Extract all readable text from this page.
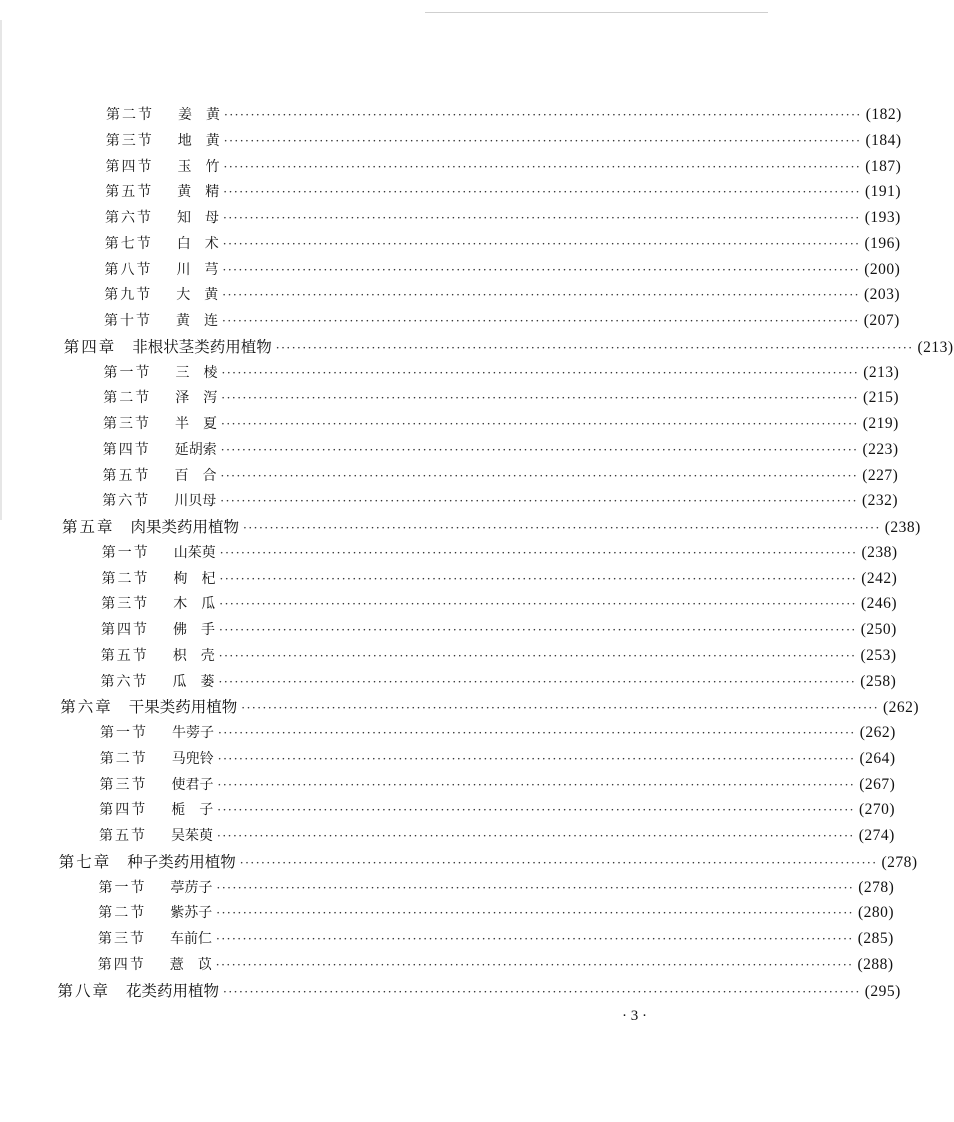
第二节 姜　黄 ························································································································ (182)
第三节 地　黄 ························································································································ (184)
第四节 玉　竹 ························································································································ (187)
第五节 黄　精 ························································································································ (191)
第六节 知　母 ························································································································ (193)
第七节 白　术 ························································································································ (196)
第八节 川　芎 ························································································································ (200)
第九节 大　黄 ························································································································ (203)
第十节 黄　连 ························································································································ (207)
第四章 非根状茎类药用植物 ························································································································ (213)
第一节 三　棱 ························································································································ (213)
第二节 泽　泻 ························································································································ (215)
第三节 半　夏 ························································································································ (219)
第四节 延胡索 ························································································································ (223)
第五节 百　合 ························································································································ (227)
第六节 川贝母 ························································································································ (232)
第五章 肉果类药用植物 ························································································································ (238)
第一节 山茱萸 ························································································································ (238)
第二节 枸　杞 ························································································································ (242)
第三节 木　瓜 ························································································································ (246)
第四节 佛　手 ························································································································ (250)
第五节 枳　壳 ························································································································ (253)
第六节 瓜　蒌 ························································································································ (258)
第六章 干果类药用植物 ························································································································ (262)
第一节 牛蒡子 ························································································································ (262)
第二节 马兜铃 ························································································································ (264)
第三节 使君子 ························································································································ (267)
第四节 栀　子 ························································································································ (270)
第五节 吴茱萸 ························································································································ (274)
第七章 种子类药用植物 ························································································································ (278)
第一节 葶苈子 ························································································································ (278)
第二节 紫苏子 ························································································································ (280)
第三节 车前仁 ························································································································ (285)
第四节 薏　苡 ························································································································ (288)
第八章 花类药用植物 ························································································································ (295)
· 3 ·
